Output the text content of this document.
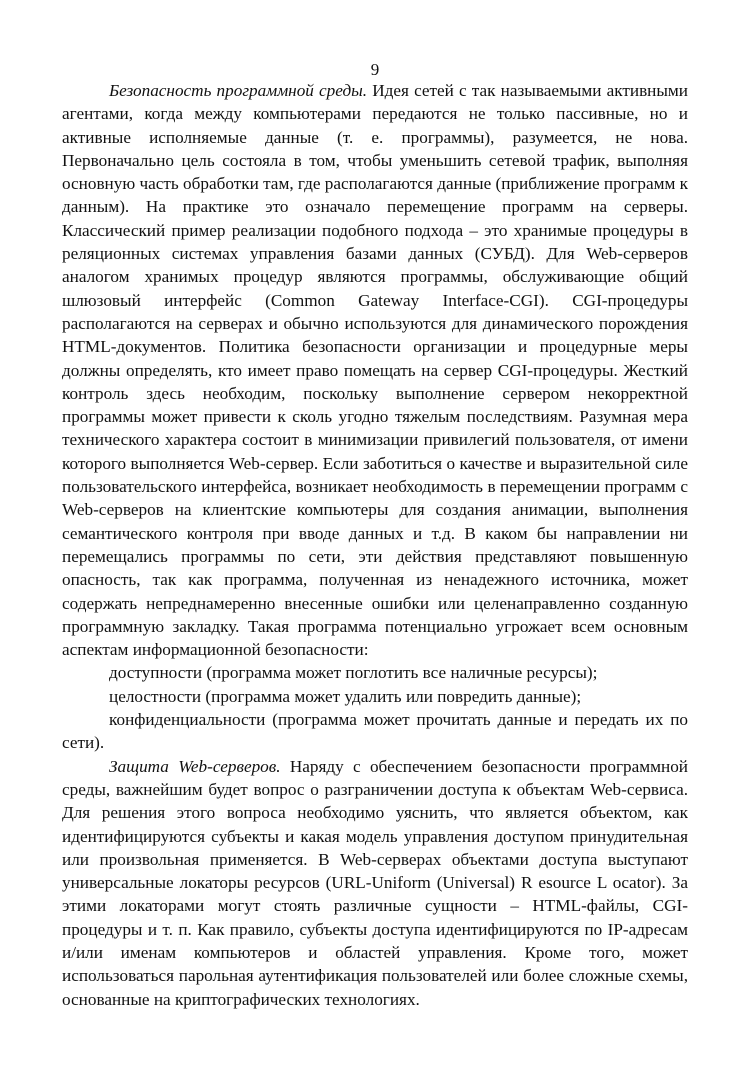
9

Безопасность программной среды. Идея сетей с так называемыми активными агентами, когда между компьютерами передаются не только пассивные, но и активные исполняемые данные (т. е. программы), разумеется, не нова. Первоначально цель состояла в том, чтобы уменьшить сетевой трафик, выполняя основную часть обработки там, где располагаются данные (приближение программ к данным). На практике это означало перемещение программ на серверы. Классический пример реализации подобного подхода – это хранимые процедуры в реляционных системах управления базами данных (СУБД). Для Web-серверов аналогом хранимых процедур являются программы, обслуживающие общий шлюзовый интерфейс (Common Gateway Interface-CGI). CGI-процедуры располагаются на серверах и обычно используются для динамического порождения HTML-документов. Политика безопасности организации и процедурные меры должны определять, кто имеет право помещать на сервер CGI-процедуры. Жесткий контроль здесь необходим, поскольку выполнение сервером некорректной программы может привести к сколь угодно тяжелым последствиям. Разумная мера технического характера состоит в минимизации привилегий пользователя, от имени которого выполняется Web-сервер. Если заботиться о качестве и выразительной силе пользовательского интерфейса, возникает необходимость в перемещении программ с Web-серверов на клиентские компьютеры для создания анимации, выполнения семантического контроля при вводе данных и т.д. В каком бы направлении ни перемещались программы по сети, эти действия представляют повышенную опасность, так как программа, полученная из ненадежного источника, может содержать непреднамеренно внесенные ошибки или целенаправленно созданную программную закладку. Такая программа потенциально угрожает всем основным аспектам информационной безопасности:

доступности (программа может поглотить все наличные ресурсы);

целостности (программа может удалить или повредить данные);

конфиденциальности (программа может прочитать данные и передать их по сети).

Защита Web-серверов. Наряду с обеспечением безопасности программной среды, важнейшим будет вопрос о разграничении доступа к объектам Web-сервиса. Для решения этого вопроса необходимо уяснить, что является объектом, как идентифицируются субъекты и какая модель управления доступом принудительная или произвольная применяется. В Web-серверах объектами доступа выступают универсальные локаторы ресурсов (URL-Uniform (Universal) R esource L ocator). За этими локаторами могут стоять различные сущности – HTML-файлы, CGI-процедуры и т. п. Как правило, субъекты доступа идентифицируются по IP-адресам и/или именам компьютеров и областей управления. Кроме того, может использоваться парольная аутентификация пользователей или более сложные схемы, основанные на криптографических технологиях.
